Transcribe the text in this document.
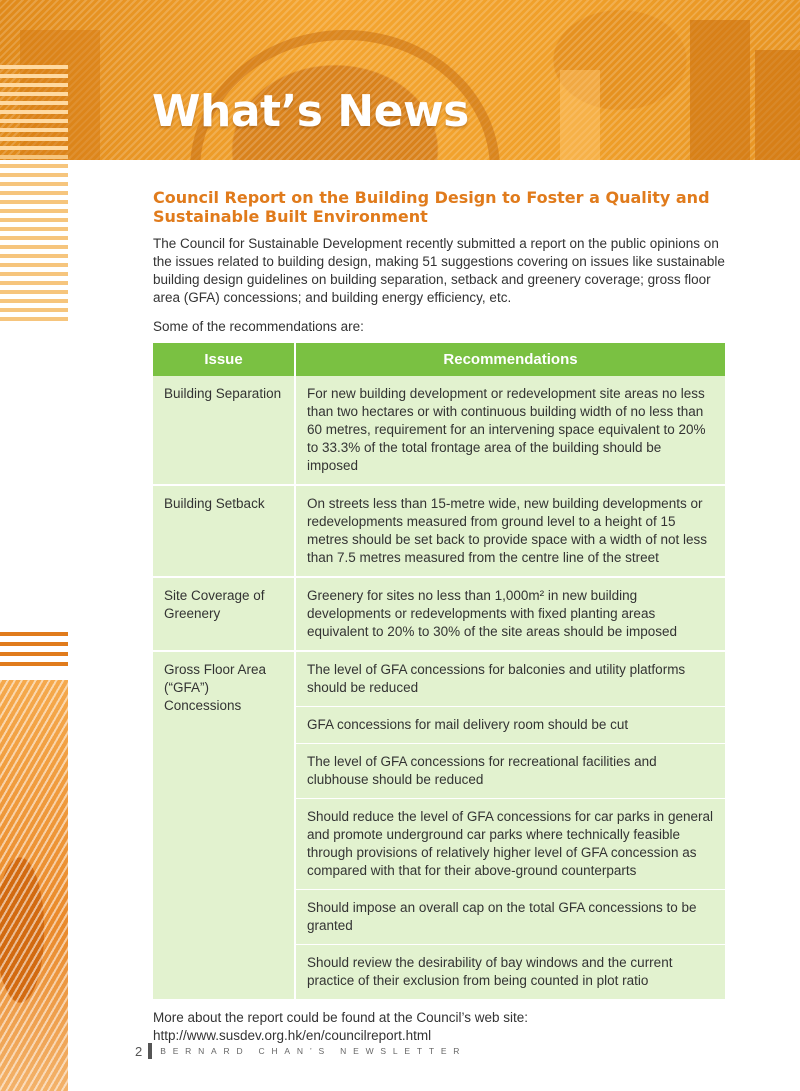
What’s News
Council Report on the Building Design to Foster a Quality and Sustainable Built Environment

The Council for Sustainable Development recently submitted a report on the public opinions on the issues related to building design, making 51 suggestions covering on issues like sustainable building design guidelines on building separation, setback and greenery coverage; gross floor area (GFA) concessions; and building energy efficiency, etc.

Some of the recommendations are:

Issue	Recommendations
Building Separation	For new building development or redevelopment site areas no less than two hectares or with continuous building width of no less than 60 metres, requirement for an intervening space equivalent to 20% to 33.3% of the total frontage area of the building should be imposed
Building Setback	On streets less than 15-metre wide, new building developments or redevelopments measured from ground level to a height of 15 metres should be set back to provide space with a width of not less than 7.5 metres measured from the centre line of the street
Site Coverage of Greenery	Greenery for sites no less than 1,000m² in new building developments or redevelopments with fixed planting areas equivalent to 20% to 30% of the site areas should be imposed
Gross Floor Area (“GFA”) Concessions	The level of GFA concessions for balconies and utility platforms should be reduced
	GFA concessions for mail delivery room should be cut
	The level of GFA concessions for recreational facilities and clubhouse should be reduced
	Should reduce the level of GFA concessions for car parks in general and promote underground car parks where technically feasible through provisions of relatively higher level of GFA concession as compared with that for their above-ground counterparts
	Should impose an overall cap on the total GFA concessions to be granted
	Should review the desirability of bay windows and the current practice of their exclusion from being counted in plot ratio
More about the report could be found at the Council’s web site:
http://www.susdev.org.hk/en/councilreport.html
2 BERNARD CHAN’S NEWSLETTER
